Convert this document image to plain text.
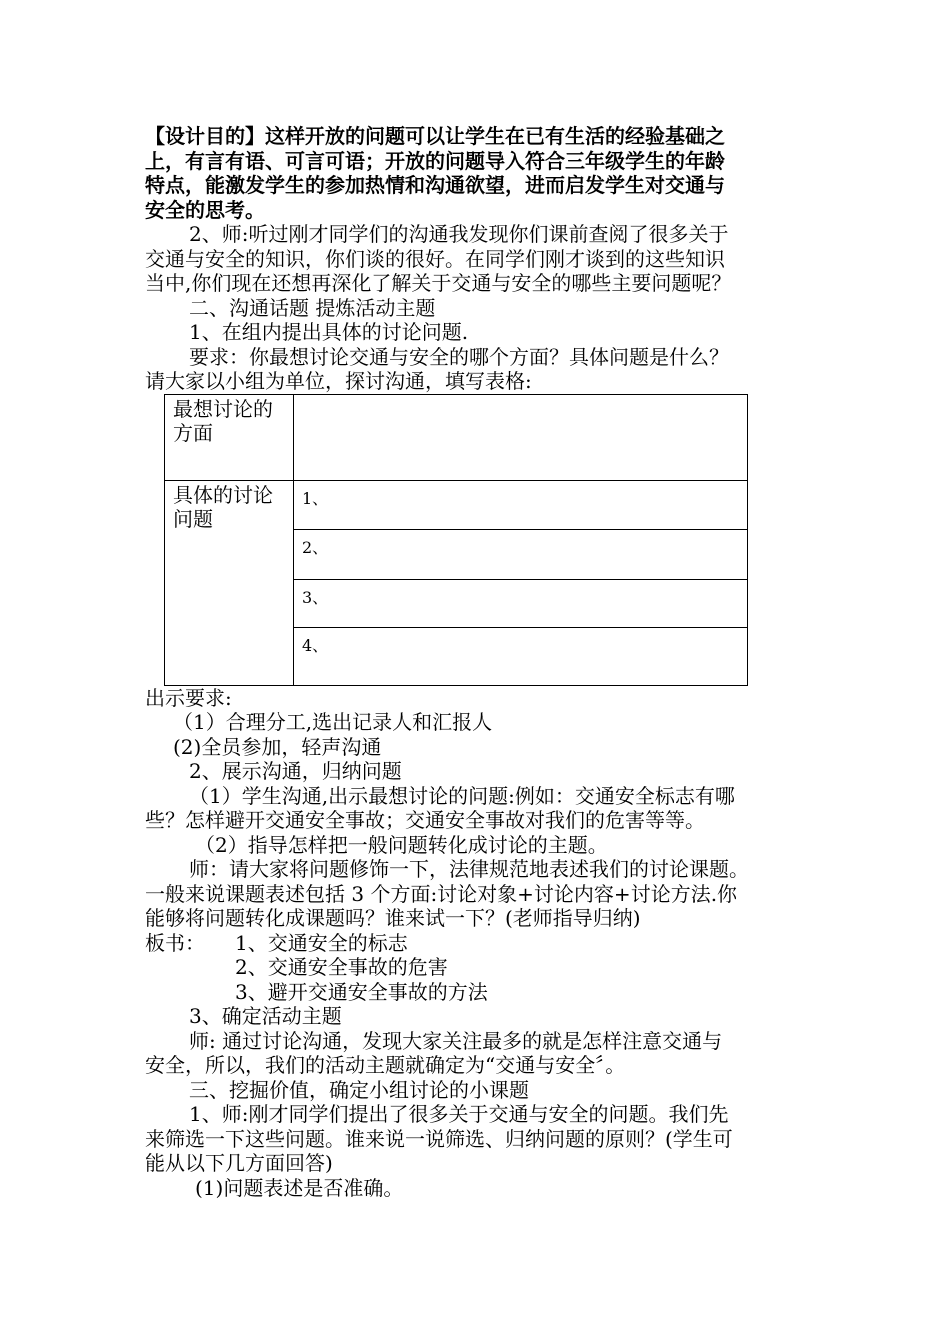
【设计目的】这样开放的问题可以让学生在已有生活的经验基础之
上，有言有语、可言可语；开放的问题导入符合三年级学生的年龄
特点，能激发学生的参加热情和沟通欲望，进而启发学生对交通与
安全的思考。
2、师:听过刚才同学们的沟通我发现你们课前查阅了很多关于
交通与安全的知识，你们谈的很好。在同学们刚才谈到的这些知识
当中,你们现在还想再深化了解关于交通与安全的哪些主要问题呢？
二、沟通话题 提炼活动主题
1、在组内提出具体的讨论问题.
要求：你最想讨论交通与安全的哪个方面？具体问题是什么？
请大家以小组为单位，探讨沟通，填写表格:
最想讨论的方面	
具体的讨论问题	1、
	2、
	3、
	4、
出示要求:
（1）合理分工,选出记录人和汇报人
(2)全员参加，轻声沟通
2、展示沟通，归纳问题
（1）学生沟通,出示最想讨论的问题:例如：交通安全标志有哪
些？怎样避开交通安全事故；交通安全事故对我们的危害等等。
（2）指导怎样把一般问题转化成讨论的主题。
师：请大家将问题修饰一下，法律规范地表述我们的讨论课题。
一般来说课题表述包括 3 个方面:讨论对象+讨论内容+讨论方法.你
能够将问题转化成课题吗？谁来试一下？(老师指导归纳)
板书：	1、交通安全的标志
2、交通安全事故的危害
3、避开交通安全事故的方法
3、确定活动主题
师: 通过讨论沟通，发现大家关注最多的就是怎样注意交通与
安全，所以，我们的活动主题就确定为“交通与安全〞。
三、挖掘价值，确定小组讨论的小课题
1、师:刚才同学们提出了很多关于交通与安全的问题。我们先
来筛选一下这些问题。谁来说一说筛选、归纳问题的原则？(学生可
能从以下几方面回答)
(1)问题表述是否准确。
